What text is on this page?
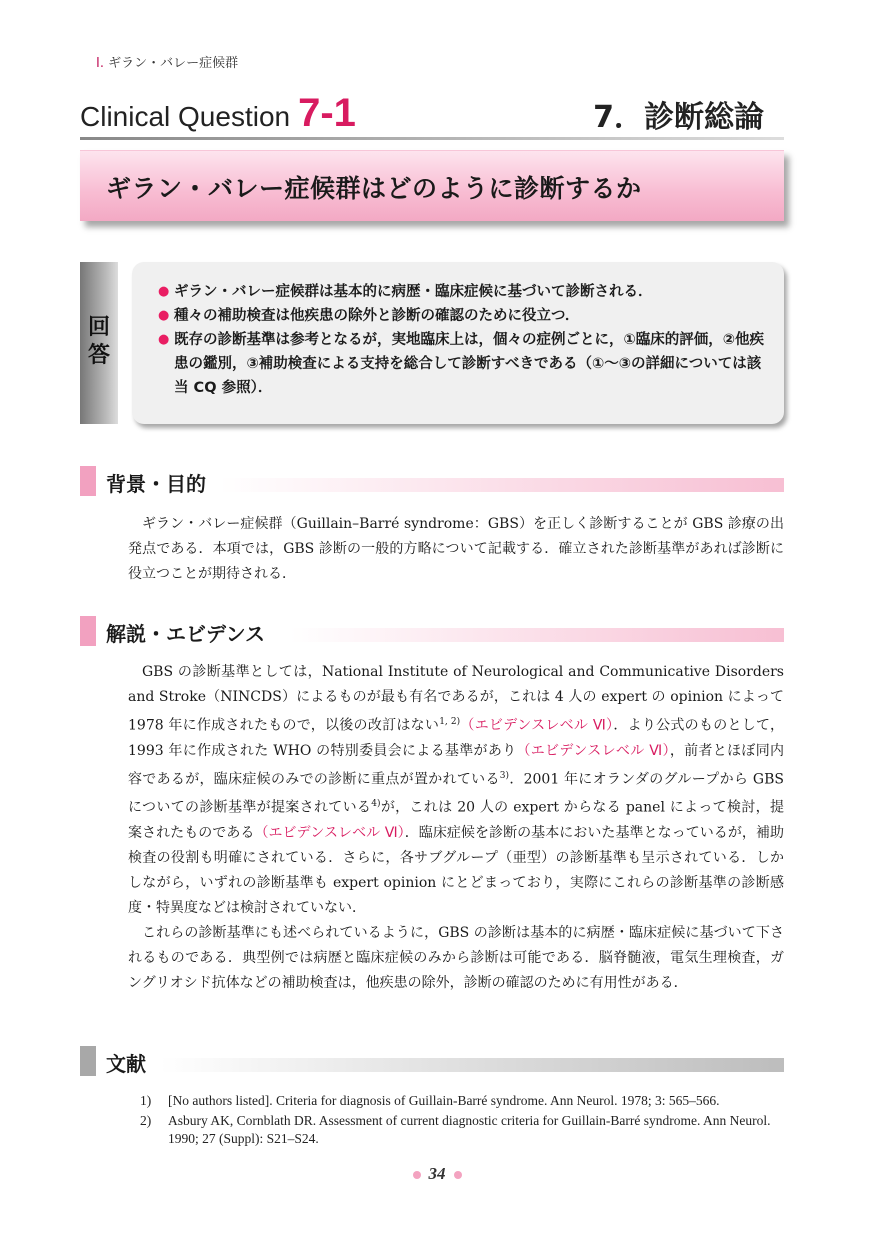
Ⅰ. ギラン・バレー症候群
Clinical Question 7-1	7．診断総論
ギラン・バレー症候群はどのように診断するか
回
答
● ギラン・バレー症候群は基本的に病歴・臨床症候に基づいて診断される．
● 種々の補助検査は他疾患の除外と診断の確認のために役立つ．
● 既存の診断基準は参考となるが，実地臨床上は，個々の症例ごとに，①臨床的評価，②他疾患の鑑別，③補助検査による支持を総合して診断すべきである（①～③の詳細については該当 CQ 参照）．
背景・目的

ギラン・バレー症候群（Guillain–Barré syndrome：GBS）を正しく診断することが GBS 診療の出発点である．本項では，GBS 診断の一般的方略について記載する．確立された診断基準があれば診断に役立つことが期待される．

解説・エビデンス

GBS の診断基準としては，National Institute of Neurological and Communicative Disorders and Stroke（NINCDS）によるものが最も有名であるが，これは 4 人の expert の opinion によって 1978 年に作成されたもので，以後の改訂はない$^{1, 2)}$（エビデンスレベル Ⅵ）．より公式のものとして，1993 年に作成された WHO の特別委員会による基準があり（エビデンスレベル Ⅵ），前者とほぼ同内容であるが，臨床症候のみでの診断に重点が置かれている$^{3)}$．2001 年にオランダのグループから GBS についての診断基準が提案されている$^{4)}$が，これは 20 人の expert からなる panel によって検討，提案されたものである（エビデンスレベル Ⅵ）．臨床症候を診断の基本においた基準となっているが，補助検査の役割も明確にされている．さらに，各サブグループ（亜型）の診断基準も呈示されている．しかしながら，いずれの診断基準も expert opinion にとどまっており，実際にこれらの診断基準の診断感度・特異度などは検討されていない．

これらの診断基準にも述べられているように，GBS の診断は基本的に病歴・臨床症候に基づいて下されるものである．典型例では病歴と臨床症候のみから診断は可能である．脳脊髄液，電気生理検査，ガングリオシド抗体などの補助検査は，他疾患の除外，診断の確認のために有用性がある．

文献
1) [No authors listed]. Criteria for diagnosis of Guillain-Barré syndrome. Ann Neurol. 1978; 3: 565–566.
2) Asbury AK, Cornblath DR. Assessment of current diagnostic criteria for Guillain-Barré syndrome. Ann Neurol. 1990; 27 (Suppl): S21–S24.
34
